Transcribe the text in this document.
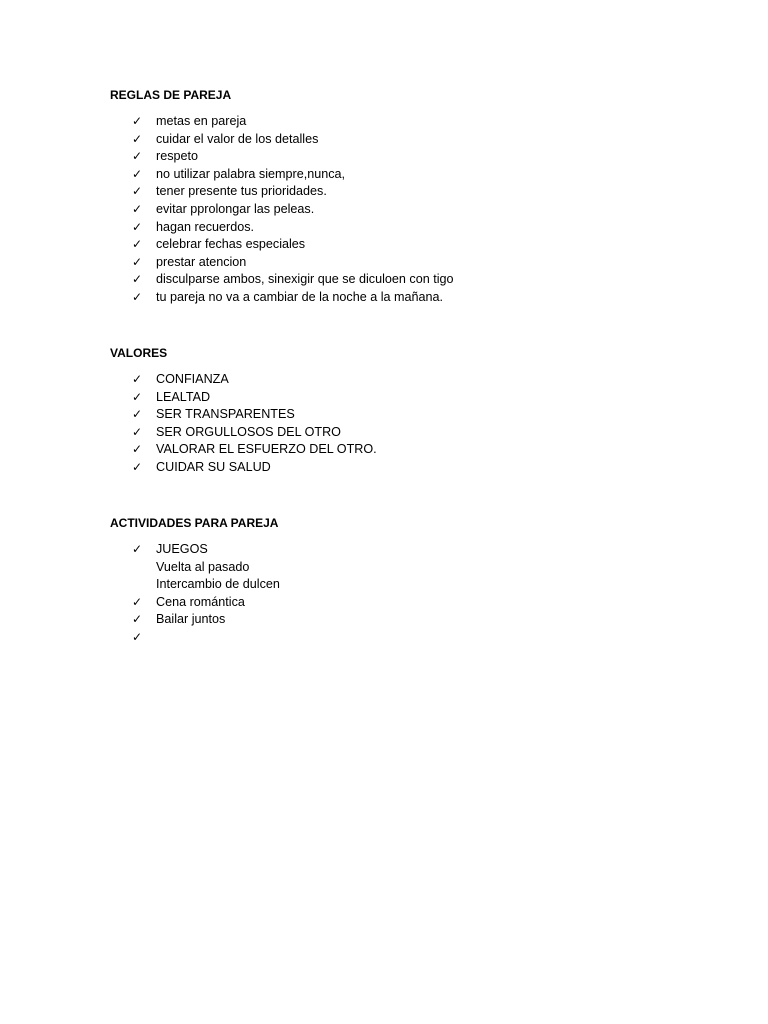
REGLAS DE PAREJA
✓	metas en pareja
✓	cuidar el valor de los detalles
✓	respeto
✓	no utilizar palabra siempre,nunca,
✓	tener presente tus prioridades.
✓	evitar pprolongar las peleas.
✓	hagan recuerdos.
✓	celebrar fechas especiales
✓	prestar atencion
✓	disculparse ambos, sinexigir que se diculoen con tigo
✓	tu pareja no va a cambiar de la noche a la mañana.
VALORES
✓	CONFIANZA
✓	LEALTAD
✓	SER TRANSPARENTES
✓	SER ORGULLOSOS DEL OTRO
✓	VALORAR EL ESFUERZO DEL OTRO.
✓	CUIDAR SU SALUD
ACTIVIDADES PARA PAREJA
✓	JUEGOS
Vuelta al pasado
Intercambio de dulcen
✓	Cena romántica
✓	Bailar juntos
✓
